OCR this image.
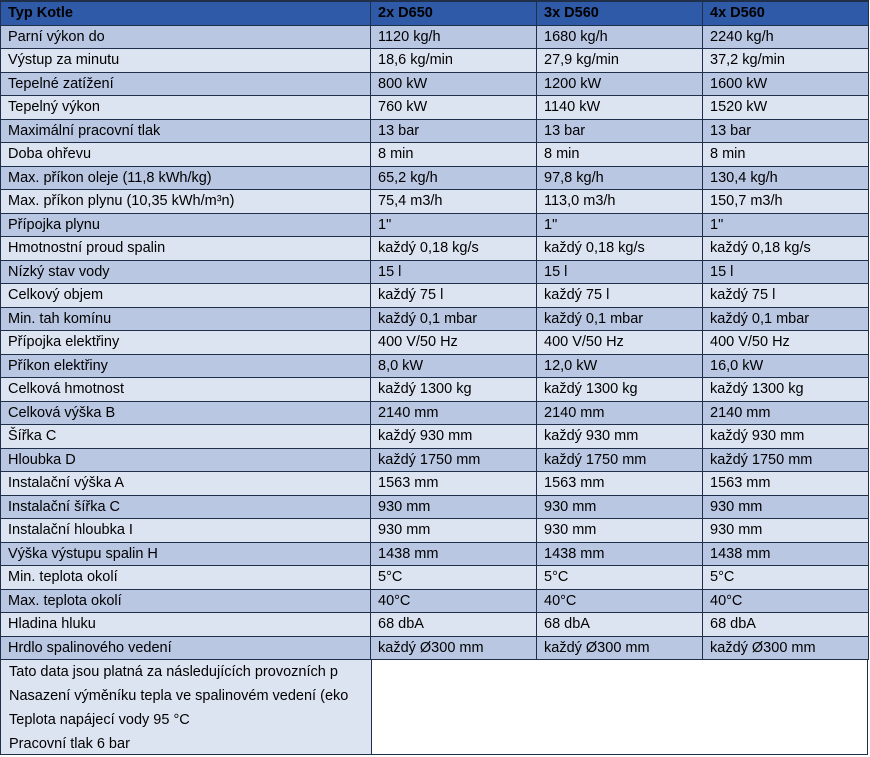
Typ Kotle	2x D650	3x D560	4x D560
Parní výkon do	1120 kg/h	1680 kg/h	2240 kg/h
Výstup za minutu	18,6 kg/min	27,9 kg/min	37,2 kg/min
Tepelné zatížení	800 kW	1200 kW	1600 kW
Tepelný výkon	760 kW	1140 kW	1520 kW
Maximální pracovní tlak	13 bar	13 bar	13 bar
Doba ohřevu	8 min	8 min	8 min
Max. příkon oleje (11,8 kWh/kg)	65,2 kg/h	97,8 kg/h	130,4 kg/h
Max. příkon plynu (10,35 kWh/m³n)	75,4 m3/h	113,0 m3/h	150,7 m3/h
Přípojka plynu	1"	1"	1"
Hmotnostní proud spalin	každý 0,18 kg/s	každý 0,18 kg/s	každý 0,18 kg/s
Nízký stav vody	15 l	15 l	15 l
Celkový objem	každý 75 l	každý 75 l	každý 75 l
Min. tah komínu	každý 0,1 mbar	každý 0,1 mbar	každý 0,1 mbar
Přípojka elektřiny	400 V/50 Hz	400 V/50 Hz	400 V/50 Hz
Příkon elektřiny	8,0 kW	12,0 kW	16,0 kW
Celková hmotnost	každý 1300 kg	každý 1300 kg	každý 1300 kg
Celková výška B	2140 mm	2140 mm	2140 mm
Šířka C	každý 930 mm	každý 930 mm	každý 930 mm
Hloubka D	každý 1750 mm	každý 1750 mm	každý 1750 mm
Instalační výška A	1563 mm	1563 mm	1563 mm
Instalační šířka C	930 mm	930 mm	930 mm
Instalační hloubka I	930 mm	930 mm	930 mm
Výška výstupu spalin H	1438 mm	1438 mm	1438 mm
Min. teplota okolí	5°C	5°C	5°C
Max. teplota okolí	40°C	40°C	40°C
Hladina hluku	68 dbA	68 dbA	68 dbA
Hrdlo spalinového vedení	každý Ø300 mm	každý Ø300 mm	každý Ø300 mm
Tato data jsou platná za následujících provozních p
Nasazení výměníku tepla ve spalinovém vedení (eko
Teplota napájecí vody 95 °C
Pracovní tlak 6 bar
